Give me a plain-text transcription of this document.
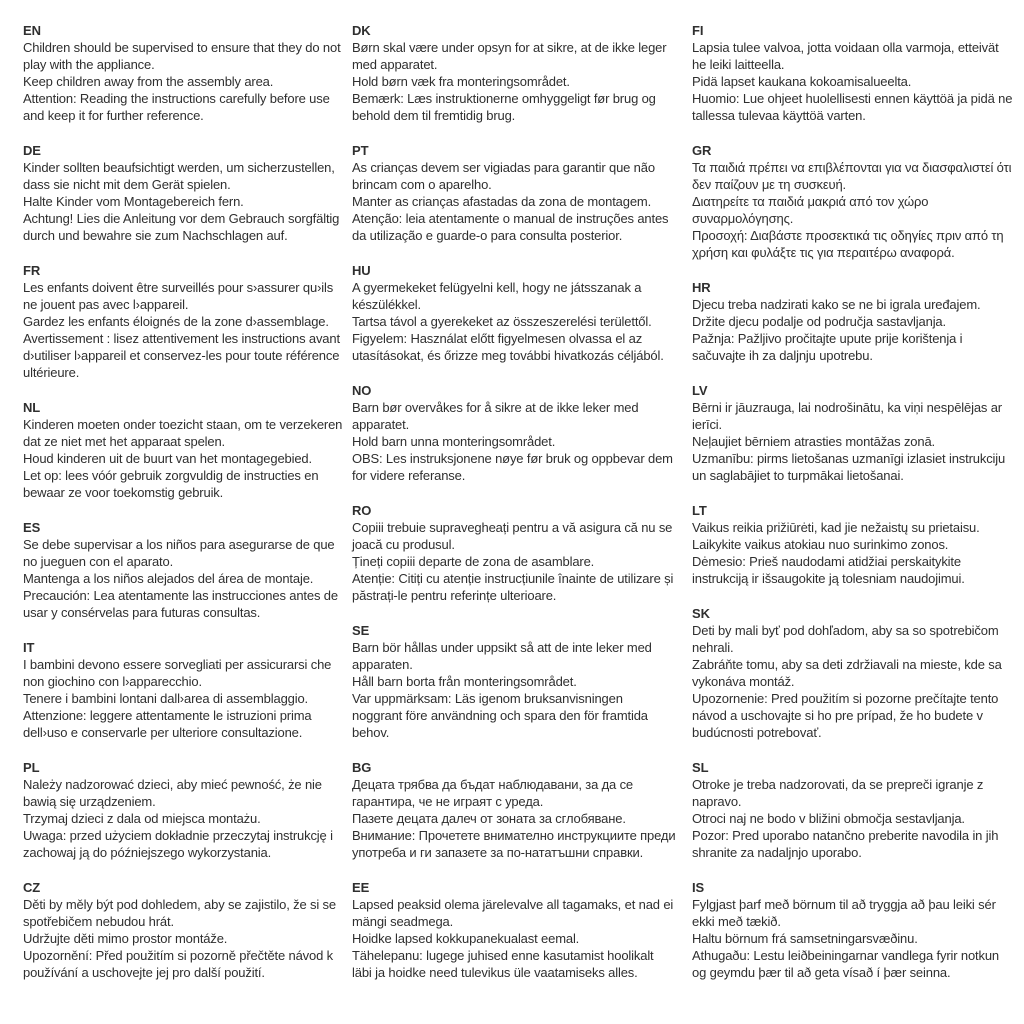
EN

Children should be supervised to ensure that they do not play with the appliance.

Keep children away from the assembly area.

Attention: Reading the instructions carefully before use and keep it for further reference.

DE

Kinder sollten beaufsichtigt werden, um sicherzustellen, dass sie nicht mit dem Gerät spielen.

Halte Kinder vom Montagebereich fern.

Achtung! Lies die Anleitung vor dem Gebrauch sorgfältig durch und bewahre sie zum Nachschlagen auf.

FR

Les enfants doivent être surveillés pour s›assurer qu›ils ne jouent pas avec l›appareil.

Gardez les enfants éloignés de la zone d›assemblage.

Avertissement : lisez attentivement les instructions avant d›utiliser l›appareil et conservez-les pour toute référence ultérieure.

NL

Kinderen moeten onder toezicht staan, om te verzekeren dat ze niet met het apparaat spelen.

Houd kinderen uit de buurt van het montagegebied.

Let op: lees vóór gebruik zorgvuldig de instructies en bewaar ze voor toekomstig gebruik.

ES

Se debe supervisar a los niños para asegurarse de que no jueguen con el aparato.

Mantenga a los niños alejados del área de montaje.

Precaución: Lea atentamente las instrucciones antes de usar y consérvelas para futuras consultas.

IT

I bambini devono essere sorvegliati per assicurarsi che non giochino con l›apparecchio.

Tenere i bambini lontani dall›area di assemblaggio.

Attenzione: leggere attentamente le istruzioni prima dell›uso e conservarle per ulteriore consultazione.

PL

Należy nadzorować dzieci, aby mieć pewność, że nie bawią się urządzeniem.

Trzymaj dzieci z dala od miejsca montażu.

Uwaga: przed użyciem dokładnie przeczytaj instrukcję i zachowaj ją do późniejszego wykorzystania.

CZ

Děti by měly být pod dohledem, aby se zajistilo, že si se spotřebičem nebudou hrát.

Udržujte děti mimo prostor montáže.

Upozornění: Před použitím si pozorně přečtěte návod k používání a uschovejte jej pro další použití.

DK

Børn skal være under opsyn for at sikre, at de ikke leger med apparatet.

Hold børn væk fra monteringsområdet.

Bemærk: Læs instruktionerne omhyggeligt før brug og behold dem til fremtidig brug.

PT

As crianças devem ser vigiadas para garantir que não brincam com o aparelho.

Manter as crianças afastadas da zona de montagem.

Atenção: leia atentamente o manual de instruções antes da utilização e guarde-o para consulta posterior.

HU

A gyermekeket felügyelni kell, hogy ne játsszanak a készülékkel.

Tartsa távol a gyerekeket az összeszerelési területtől.

Figyelem: Használat előtt figyelmesen olvassa el az utasításokat, és őrizze meg további hivatkozás céljából.

NO

Barn bør overvåkes for å sikre at de ikke leker med apparatet.

Hold barn unna monteringsområdet.

OBS: Les instruksjonene nøye før bruk og oppbevar dem for videre referanse.

RO

Copiii trebuie supravegheați pentru a vă asigura că nu se joacă cu produsul.

Țineți copiii departe de zona de asamblare.

Atenție: Citiți cu atenție instrucțiunile înainte de utilizare și păstrați-le pentru referințe ulterioare.

SE

Barn bör hållas under uppsikt så att de inte leker med apparaten.

Håll barn borta från monteringsområdet.

Var uppmärksam: Läs igenom bruksanvisningen noggrant före användning och spara den för framtida behov.

BG

Децата трябва да бъдат наблюдавани, за да се гарантира, че не играят с уреда.

Пазете децата далеч от зоната за сглобяване.

Внимание: Прочетете внимателно инструкциите преди употреба и ги запазете за по-нататъшни справки.

EE

Lapsed peaksid olema järelevalve all tagamaks, et nad ei mängi seadmega.

Hoidke lapsed kokkupanekualast eemal.

Tähelepanu: lugege juhised enne kasutamist hoolikalt läbi ja hoidke need tulevikus üle vaatamiseks alles.

FI

Lapsia tulee valvoa, jotta voidaan olla varmoja, etteivät he leiki laitteella.

Pidä lapset kaukana kokoamisalueelta.

Huomio: Lue ohjeet huolellisesti ennen käyttöä ja pidä ne tallessa tulevaa käyttöä varten.

GR

Τα παιδιά πρέπει να επιβλέπονται για να διασφαλιστεί ότι δεν παίζουν με τη συσκευή.

Διατηρείτε τα παιδιά μακριά από τον χώρο συναρμολόγησης.

Προσοχή: Διαβάστε προσεκτικά τις οδηγίες πριν από τη χρήση και φυλάξτε τις για περαιτέρω αναφορά.

HR

Djecu treba nadzirati kako se ne bi igrala uređajem.

Držite djecu podalje od područja sastavljanja.

Pažnja: Pažljivo pročitajte upute prije korištenja i sačuvajte ih za daljnju upotrebu.

LV

Bērni ir jāuzrauga, lai nodrošinātu, ka viņi nespēlējas ar ierīci.

Neļaujiet bērniem atrasties montāžas zonā.

Uzmanību: pirms lietošanas uzmanīgi izlasiet instrukciju un saglabājiet to turpmākai lietošanai.

LT

Vaikus reikia prižiūrėti, kad jie nežaistų su prietaisu.

Laikykite vaikus atokiau nuo surinkimo zonos.

Dėmesio: Prieš naudodami atidžiai perskaitykite instrukciją ir išsaugokite ją tolesniam naudojimui.

SK

Deti by mali byť pod dohľadom, aby sa so spotrebičom nehrali.

Zabráňte tomu, aby sa deti zdržiavali na mieste, kde sa vykonáva montáž.

Upozornenie: Pred použitím si pozorne prečítajte tento návod a uschovajte si ho pre prípad, že ho budete v budúcnosti potrebovať.

SL

Otroke je treba nadzorovati, da se prepreči igranje z napravo.

Otroci naj ne bodo v bližini območja sestavljanja.

Pozor: Pred uporabo natančno preberite navodila in jih shranite za nadaljnjo uporabo.

IS

Fylgjast þarf með börnum til að tryggja að þau leiki sér ekki með tækið.

Haltu börnum frá samsetningarsvæðinu.

Athugaðu: Lestu leiðbeiningarnar vandlega fyrir notkun og geymdu þær til að geta vísað í þær seinna.
